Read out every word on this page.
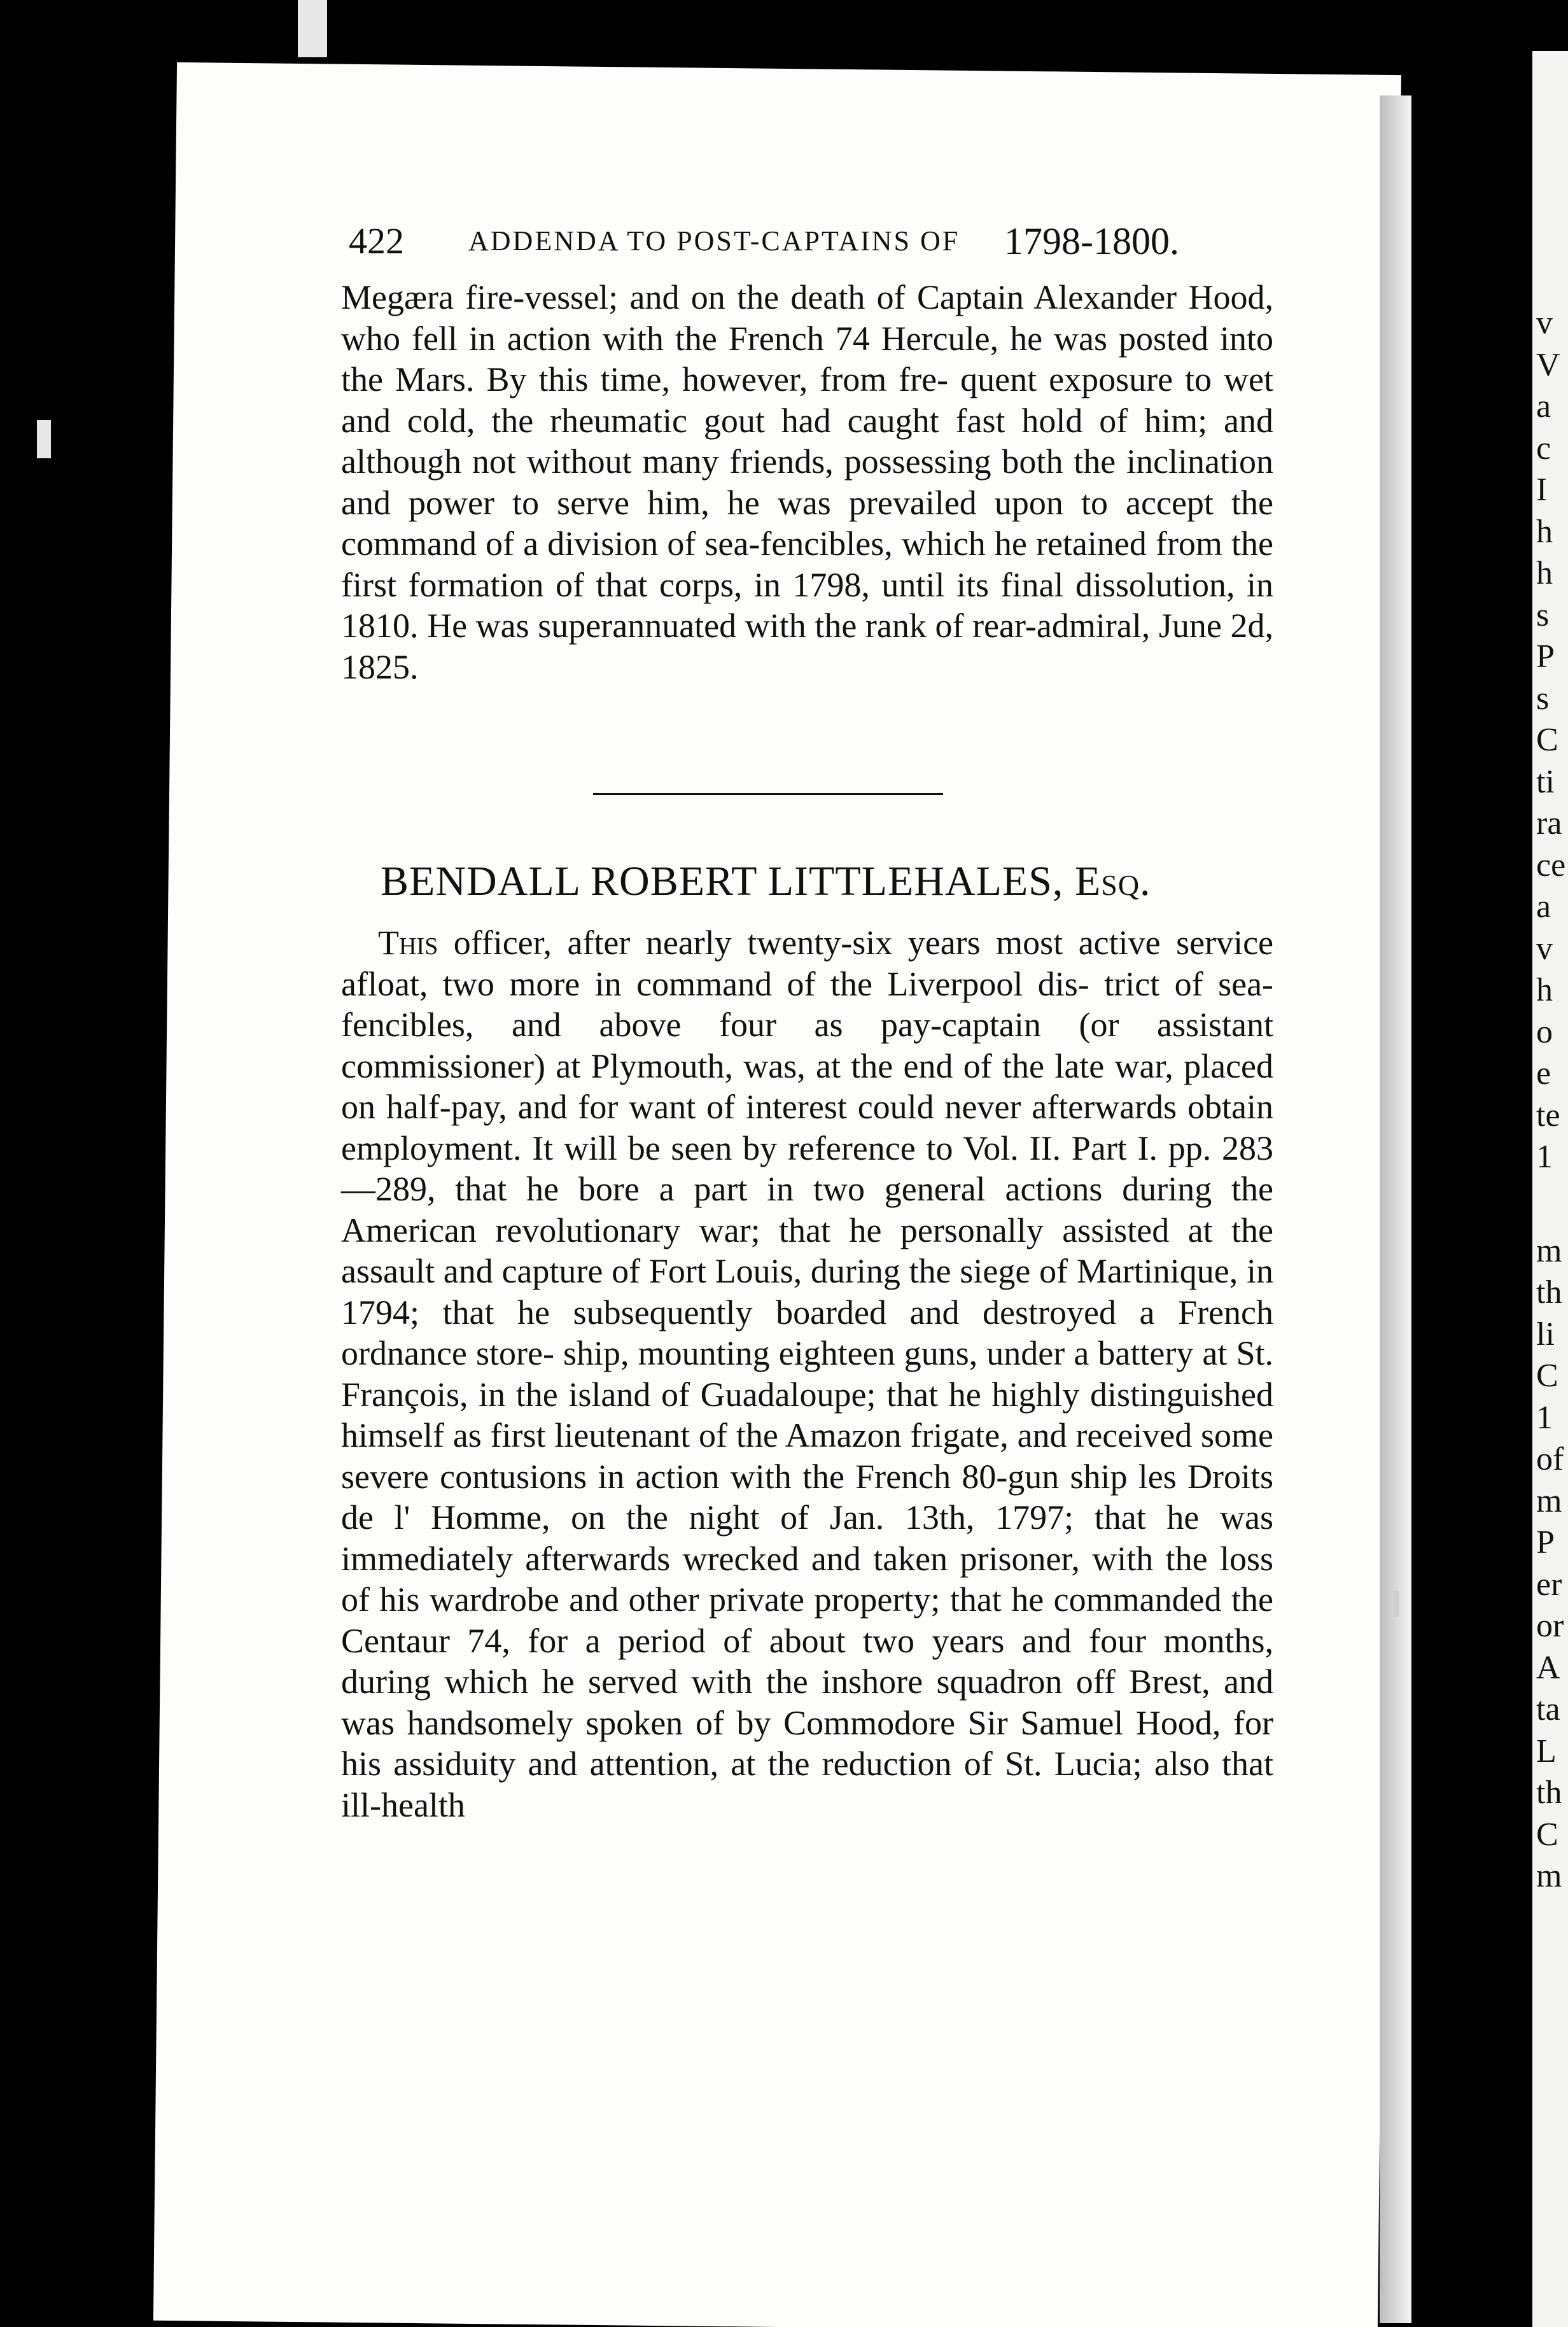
v
V
a
c
I
h
h
s
P
s
C
ti
ra
ce
a
v
h
o
e
te
1
m
th
li
C
1
of
m
P
er
or
A
ta
L
th
C
m
422 ADDENDA TO POST-CAPTAINS OF 1798-1800.

Megæra fire-vessel; and on the death of Captain Alexander Hood, who fell in action with the French 74 Hercule, he was posted into the Mars. By this time, however, from fre- quent exposure to wet and cold, the rheumatic gout had caught fast hold of him; and although not without many friends, possessing both the inclination and power to serve him, he was prevailed upon to accept the command of a division of sea-fencibles, which he retained from the first formation of that corps, in 1798, until its final dissolution, in 1810. He was superannuated with the rank of rear-admiral, June 2d, 1825.

BENDALL ROBERT LITTLEHALES, Esq.

This officer, after nearly twenty-six years most active service afloat, two more in command of the Liverpool dis- trict of sea-fencibles, and above four as pay-captain (or assistant commissioner) at Plymouth, was, at the end of the late war, placed on half-pay, and for want of interest could never afterwards obtain employment. It will be seen by reference to Vol. II. Part I. pp. 283—289, that he bore a part in two general actions during the American revolutionary war; that he personally assisted at the assault and capture of Fort Louis, during the siege of Martinique, in 1794; that he subsequently boarded and destroyed a French ordnance store- ship, mounting eighteen guns, under a battery at St. François, in the island of Guadaloupe; that he highly distinguished himself as first lieutenant of the Amazon frigate, and received some severe contusions in action with the French 80-gun ship les Droits de l' Homme, on the night of Jan. 13th, 1797; that he was immediately afterwards wrecked and taken prisoner, with the loss of his wardrobe and other private property; that he commanded the Centaur 74, for a period of about two years and four months, during which he served with the inshore squadron off Brest, and was handsomely spoken of by Commodore Sir Samuel Hood, for his assiduity and attention, at the reduction of St. Lucia; also that ill-health
